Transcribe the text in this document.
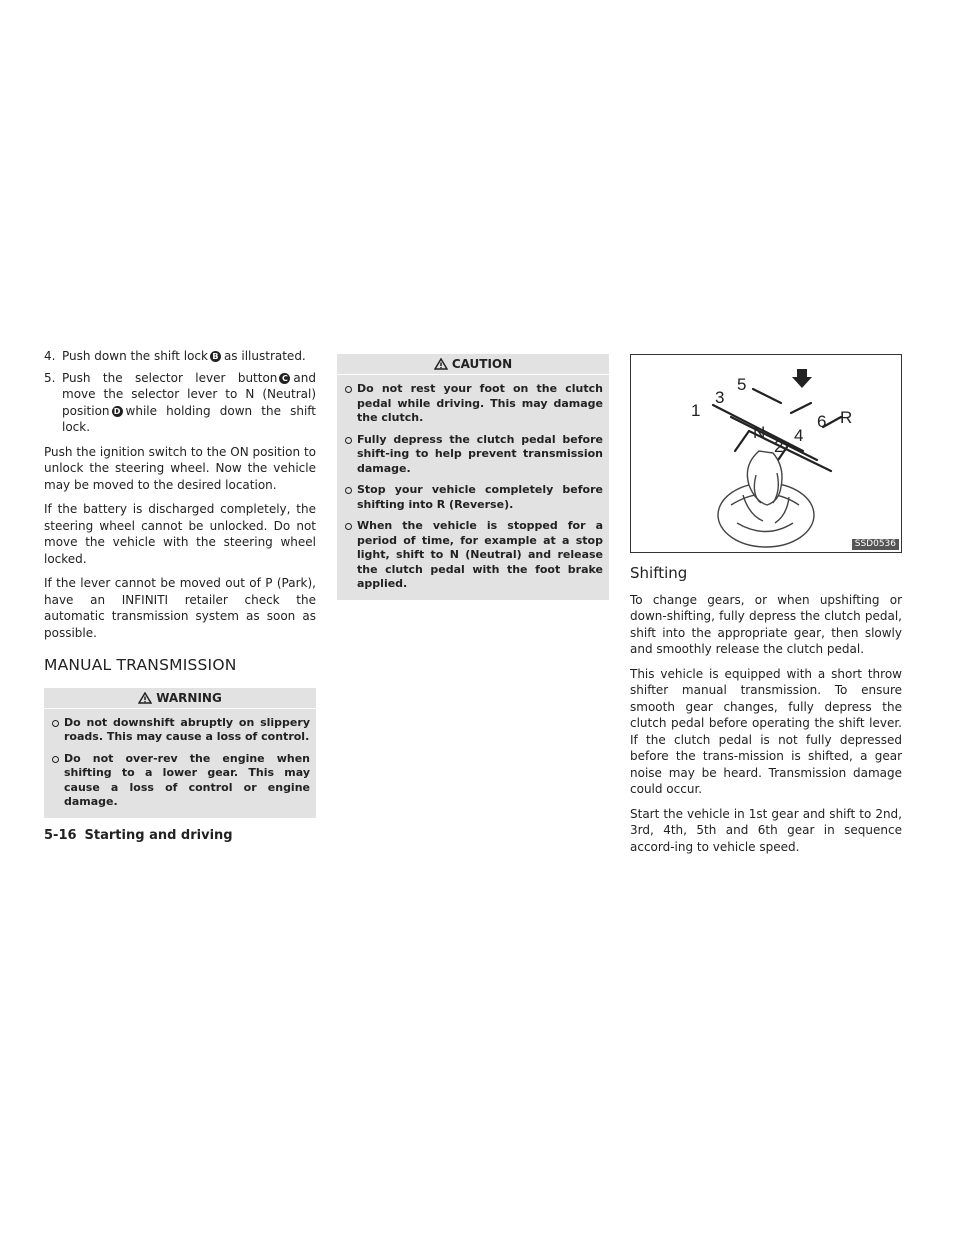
4. Push down the shift lock B as illustrated.
5. Push the selector lever button C and move the selector lever to N (Neutral) position D while holding down the shift lock.

Push the ignition switch to the ON position to unlock the steering wheel. Now the vehicle may be moved to the desired location.

If the battery is discharged completely, the steering wheel cannot be unlocked. Do not move the vehicle with the steering wheel locked.

If the lever cannot be moved out of P (Park), have an INFINITI retailer check the automatic transmission system as soon as possible.

MANUAL TRANSMISSION
WARNING
Do not downshift abruptly on slippery roads. This may cause a loss of control.
Do not over-rev the engine when shifting to a lower gear. This may cause a loss of control or engine damage.
CAUTION
Do not rest your foot on the clutch pedal while driving. This may damage the clutch.
Fully depress the clutch pedal before shift-ing to help prevent transmission damage.
Stop your vehicle completely before shifting into R (Reverse).
When the vehicle is stopped for a period of time, for example at a stop light, shift to N (Neutral) and release the clutch pedal with the foot brake applied.
1
3
5
N
6 R
4
2
SSD0536
Shifting

To change gears, or when upshifting or down-shifting, fully depress the clutch pedal, shift into the appropriate gear, then slowly and smoothly release the clutch pedal.

This vehicle is equipped with a short throw shifter manual transmission. To ensure smooth gear changes, fully depress the clutch pedal before operating the shift lever. If the clutch pedal is not fully depressed before the trans-mission is shifted, a gear noise may be heard. Transmission damage could occur.

Start the vehicle in 1st gear and shift to 2nd, 3rd, 4th, 5th and 6th gear in sequence accord-ing to vehicle speed.

5-16 Starting and driving
